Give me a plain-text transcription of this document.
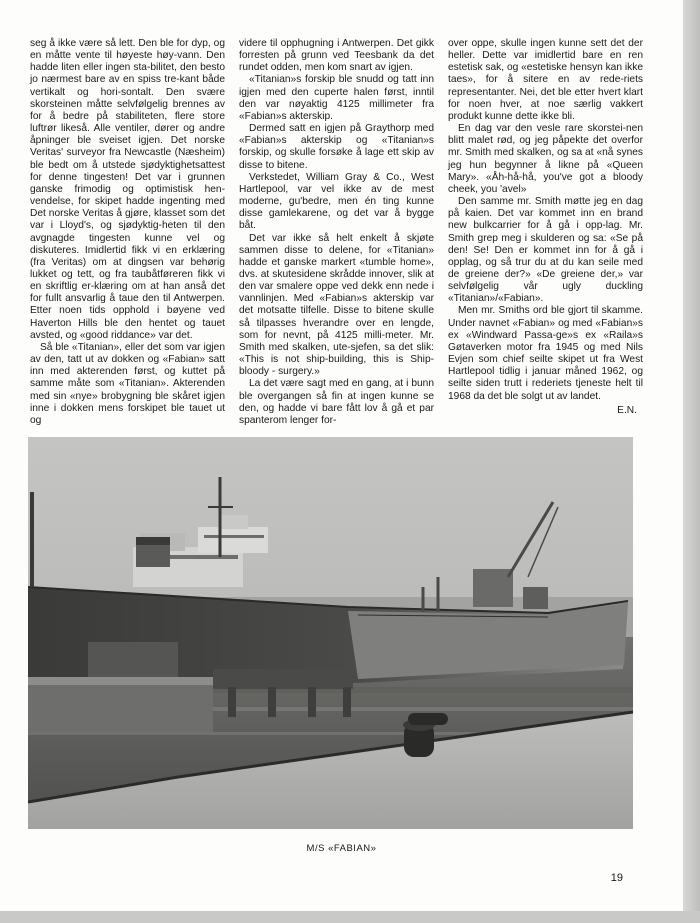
seg å ikke være så lett. Den ble for dyp, og en måtte vente til høyeste høy-vann. Den hadde liten eller ingen sta-bilitet, den besto jo nærmest bare av en spiss tre-kant både vertikalt og hori-sontalt. Den svære skorsteinen måtte selvfølgelig brennes av for å bedre på stabiliteten, flere store luftrør likeså. Alle ventiler, dører og andre åpninger ble sveiset igjen. Det norske Veritas' surveyor fra Newcastle (Næsheim) ble bedt om å utstede sjødyktighetsattest for denne tingesten! Det var i grunnen ganske frimodig og optimistisk hen-vendelse, for skipet hadde ingenting med Det norske Veritas å gjøre, klasset som det var i Lloyd's, og sjødyktig-heten til den avgnagde tingesten kunne vel og diskuteres. Imidlertid fikk vi en erklæring (fra Veritas) om at dingsen var behørig lukket og tett, og fra taubåtføreren fikk vi en skriftlig er-klæring om at han anså det for fullt ansvarlig å taue den til Antwerpen. Etter noen tids opphold i bøyene ved Haverton Hills ble den hentet og tauet avsted, og «good riddance» var det.

Så ble «Titanian», eller det som var igjen av den, tatt ut av dokken og «Fabian» satt inn med akterenden først, og kuttet på samme måte som «Titanian». Akterenden med sin «nye» brobygning ble skåret igjen inne i dokken mens forskipet ble tauet ut og

videre til opphugning i Antwerpen. Det gikk forresten på grunn ved Teesbank da det rundet odden, men kom snart av igjen.

«Titanian»s forskip ble snudd og tatt inn igjen med den cuperte halen først, inntil den var nøyaktig 4125 millimeter fra «Fabian»s akterskip.

Dermed satt en igjen på Graythorp med «Fabian»s akterskip og «Titanian»s forskip, og skulle forsøke å lage ett skip av disse to bitene.

Verkstedet, William Gray & Co., West Hartlepool, var vel ikke av de mest moderne, gu'bedre, men én ting kunne disse gamlekarene, og det var å bygge båt.

Det var ikke så helt enkelt å skjøte sammen disse to delene, for «Titanian» hadde et ganske markert «tumble home», dvs. at skutesidene skrådde innover, slik at den var smalere oppe ved dekk enn nede i vannlinjen. Med «Fabian»s akterskip var det motsatte tilfelle. Disse to bitene skulle så tilpasses hverandre over en lengde, som for nevnt, på 4125 milli-meter. Mr. Smith med skalken, ute-sjefen, sa det slik: «This is not ship-building, this is Ship-bloody - surgery.»

La det være sagt med en gang, at i bunn ble overgangen så fin at ingen kunne se den, og hadde vi bare fått lov å gå et par spanterom lenger for-

over oppe, skulle ingen kunne sett det der heller. Dette var imidlertid bare en ren estetisk sak, og «estetiske hensyn kan ikke taes», for å sitere en av rede-riets representanter. Nei, det ble etter hvert klart for noen hver, at noe særlig vakkert produkt kunne dette ikke bli.

En dag var den vesle rare skorstei-nen blitt malet rød, og jeg påpekte det overfor mr. Smith med skalken, og sa at «nå synes jeg hun begynner å likne på «Queen Mary». «Åh-hå-hå, you've got a bloody cheek, you 'avel»

Den samme mr. Smith møtte jeg en dag på kaien. Det var kommet inn en brand new bulkcarrier for å gå i opp-lag. Mr. Smith grep meg i skulderen og sa: «Se på den! Se! Den er kommet inn for å gå i opplag, og så trur du at du kan seile med de greiene der?» «De greiene der,» var selvfølgelig vår ugly duckling «Titanian»/«Fabian».

Men mr. Smiths ord ble gjort til skamme. Under navnet «Fabian» og med «Fabian»s ex «Windward Passa-ge»s ex «Raila»s Gøtaverken motor fra 1945 og med Nils Evjen som chief seilte skipet ut fra West Hartlepool tidlig i januar måned 1962, og seilte siden trutt i rederiets tjeneste helt til 1968 da det ble solgt ut av landet.

E.N.

M/S «FABIAN»
19
